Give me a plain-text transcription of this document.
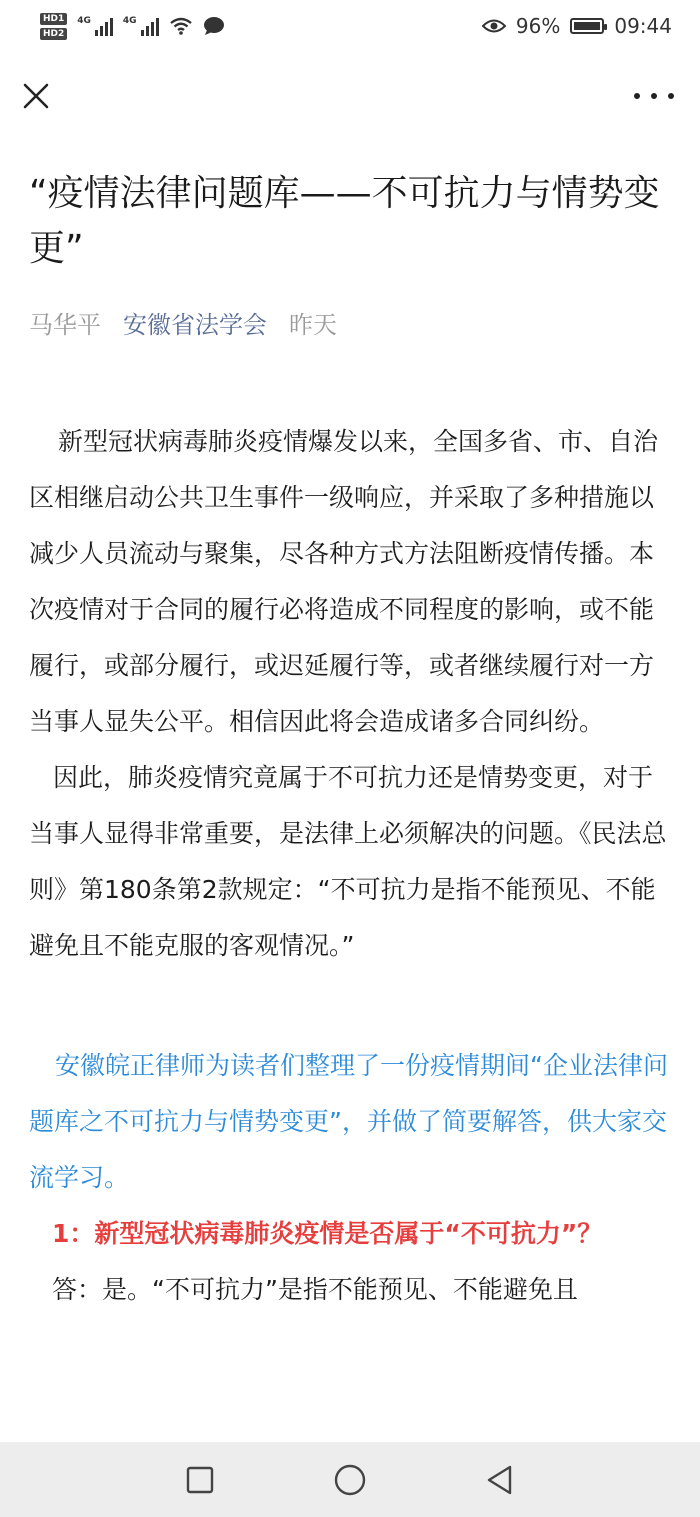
HD1
HD2
4G	4G	96%	09:44
“疫情法律问题库——不可抗力与情势变更”
马华平 安徽省法学会 昨天

新型冠状病毒肺炎疫情爆发以来，全国多省、市、自治区相继启动公共卫生事件一级响应，并采取了多种措施以减少人员流动与聚集，尽各种方式方法阻断疫情传播。本次疫情对于合同的履行必将造成不同程度的影响，或不能履行，或部分履行，或迟延履行等，或者继续履行对一方当事人显失公平。相信因此将会造成诸多合同纠纷。

因此，肺炎疫情究竟属于不可抗力还是情势变更，对于当事人显得非常重要，是法律上必须解决的问题。《民法总则》第180条第2款规定：“不可抗力是指不能预见、不能避免且不能克服的客观情况。”

安徽皖正律师为读者们整理了一份疫情期间“企业法律问题库之不可抗力与情势变更”，并做了简要解答，供大家交流学习。

1：新型冠状病毒肺炎疫情是否属于“不可抗力”？

答：是。“不可抗力”是指不能预见、不能避免且
